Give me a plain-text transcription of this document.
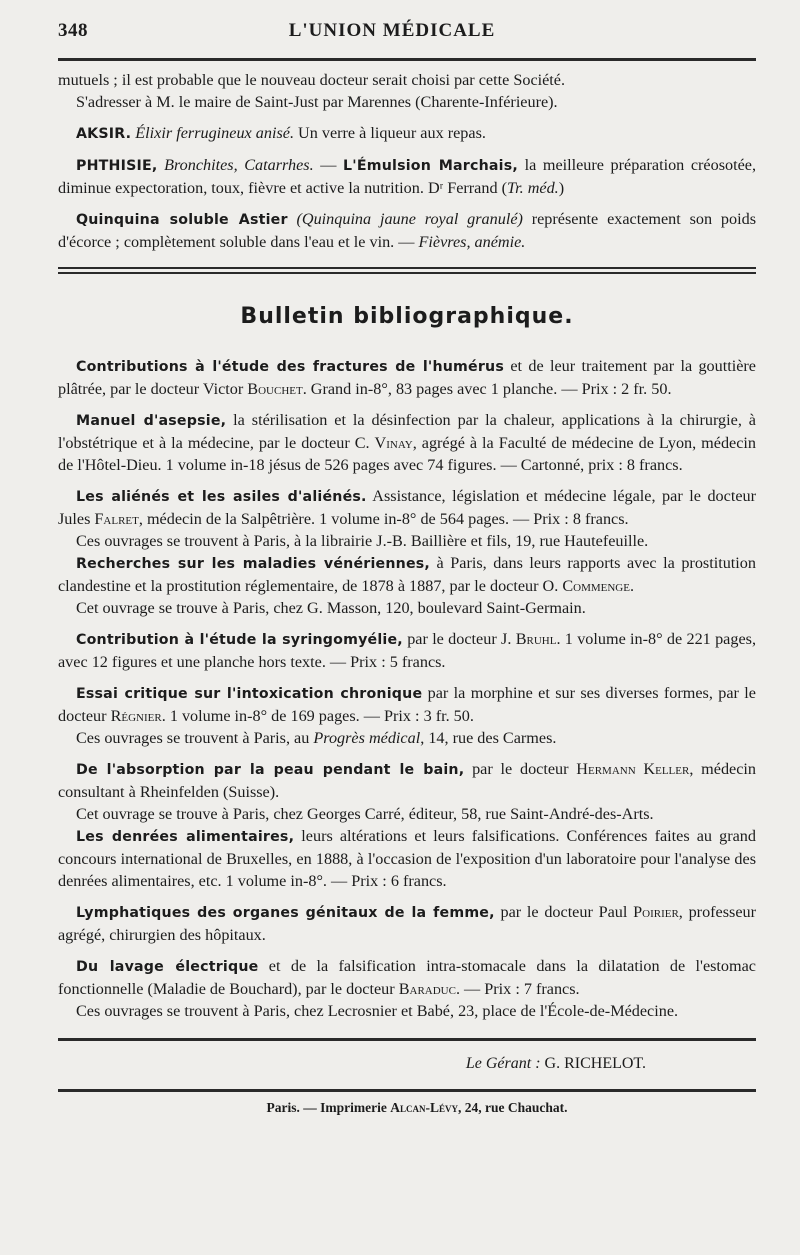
348	L'UNION MÉDICALE

mutuels ; il est probable que le nouveau docteur serait choisi par cette Société.

S'adresser à M. le maire de Saint-Just par Marennes (Charente-Inférieure).

AKSIR. Élixir ferrugineux anisé. Un verre à liqueur aux repas.

PHTHISIE, Bronchites, Catarrhes. — L'Émulsion Marchais, la meilleure préparation créosotée, diminue expectoration, toux, fièvre et active la nutrition. Dʳ Ferrand (Tr. méd.)

Quinquina soluble Astier (Quinquina jaune royal granulé) représente exactement son poids d'écorce ; complètement soluble dans l'eau et le vin. — Fièvres, anémie.

Bulletin bibliographique.

Contributions à l'étude des fractures de l'humérus et de leur traitement par la gouttière plâtrée, par le docteur Victor Bouchet. Grand in-8°, 83 pages avec 1 planche. — Prix : 2 fr. 50.

Manuel d'asepsie, la stérilisation et la désinfection par la chaleur, applications à la chirurgie, à l'obstétrique et à la médecine, par le docteur C. Vinay, agrégé à la Faculté de médecine de Lyon, médecin de l'Hôtel-Dieu. 1 volume in-18 jésus de 526 pages avec 74 figures. — Cartonné, prix : 8 francs.

Les aliénés et les asiles d'aliénés. Assistance, législation et médecine légale, par le docteur Jules Falret, médecin de la Salpêtrière. 1 volume in-8° de 564 pages. — Prix : 8 francs.

Ces ouvrages se trouvent à Paris, à la librairie J.-B. Baillière et fils, 19, rue Hautefeuille.

Recherches sur les maladies vénériennes, à Paris, dans leurs rapports avec la prostitution clandestine et la prostitution réglementaire, de 1878 à 1887, par le docteur O. Commenge.

Cet ouvrage se trouve à Paris, chez G. Masson, 120, boulevard Saint-Germain.

Contribution à l'étude la syringomyélie, par le docteur J. Bruhl. 1 volume in-8° de 221 pages, avec 12 figures et une planche hors texte. — Prix : 5 francs.

Essai critique sur l'intoxication chronique par la morphine et sur ses diverses formes, par le docteur Régnier. 1 volume in-8° de 169 pages. — Prix : 3 fr. 50.

Ces ouvrages se trouvent à Paris, au Progrès médical, 14, rue des Carmes.

De l'absorption par la peau pendant le bain, par le docteur Hermann Keller, médecin consultant à Rheinfelden (Suisse).

Cet ouvrage se trouve à Paris, chez Georges Carré, éditeur, 58, rue Saint-André-des-Arts.

Les denrées alimentaires, leurs altérations et leurs falsifications. Conférences faites au grand concours international de Bruxelles, en 1888, à l'occasion de l'exposition d'un laboratoire pour l'analyse des denrées alimentaires, etc. 1 volume in-8°. — Prix : 6 francs.

Lymphatiques des organes génitaux de la femme, par le docteur Paul Poirier, professeur agrégé, chirurgien des hôpitaux.

Du lavage électrique et de la falsification intra-stomacale dans la dilatation de l'estomac fonctionnelle (Maladie de Bouchard), par le docteur Baraduc. — Prix : 7 francs.

Ces ouvrages se trouvent à Paris, chez Lecrosnier et Babé, 23, place de l'École-de-Médecine.

Le Gérant : G. RICHELOT.
Paris. — Imprimerie Alcan-Lévy, 24, rue Chauchat.
